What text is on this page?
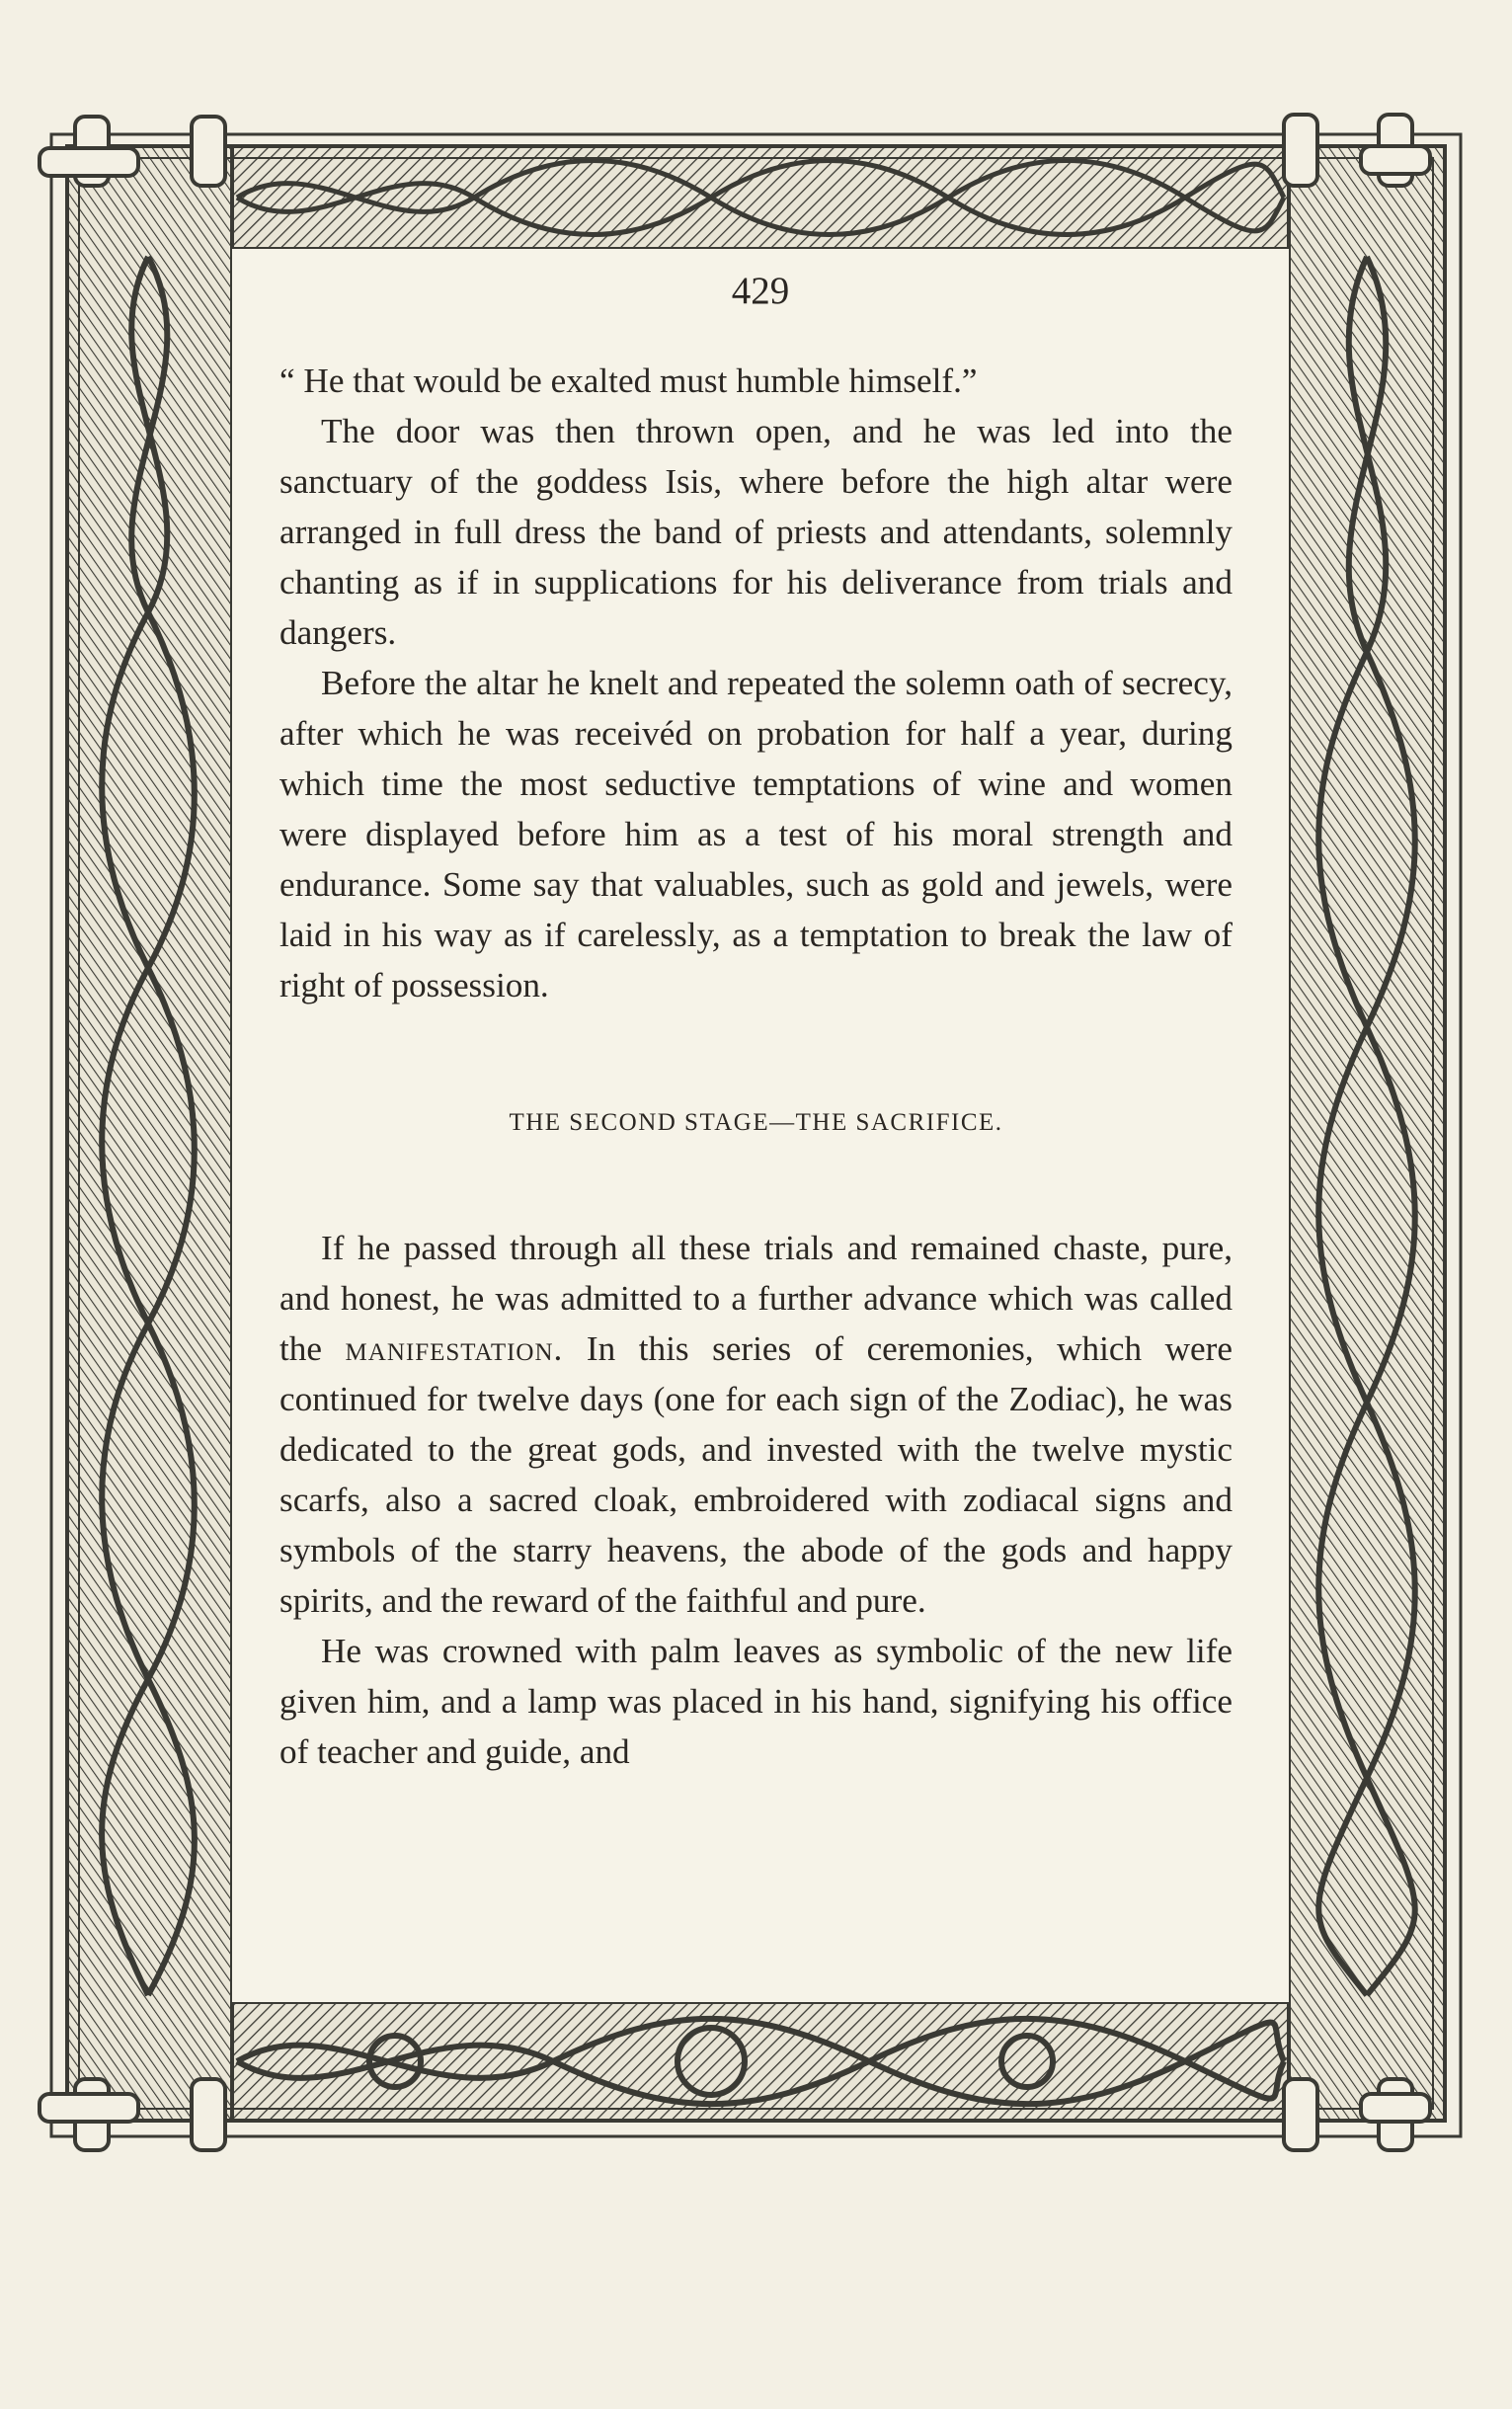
429

“ He that would be exalted must humble himself.”

The door was then thrown open, and he was led into the sanctuary of the goddess Isis, where before the high altar were arranged in full dress the band of priests and attendants, solemnly chanting as if in supplications for his deliverance from trials and dangers.

Before the altar he knelt and repeated the solemn oath of secrecy, after which he was receivéd on probation for half a year, during which time the most seductive temptations of wine and women were displayed before him as a test of his moral strength and endurance. Some say that valuables, such as gold and jewels, were laid in his way as if carelessly, as a temptation to break the law of right of possession.

THE SECOND STAGE—THE SACRIFICE.

If he passed through all these trials and remained chaste, pure, and honest, he was admitted to a further advance which was called the manifestation. In this series of ceremonies, which were continued for twelve days (one for each sign of the Zodiac), he was dedicated to the great gods, and invested with the twelve mystic scarfs, also a sacred cloak, embroidered with zodiacal signs and symbols of the starry heavens, the abode of the gods and happy spirits, and the reward of the faithful and pure.

He was crowned with palm leaves as symbolic of the new life given him, and a lamp was placed in his hand, signifying his office of teacher and guide, and
